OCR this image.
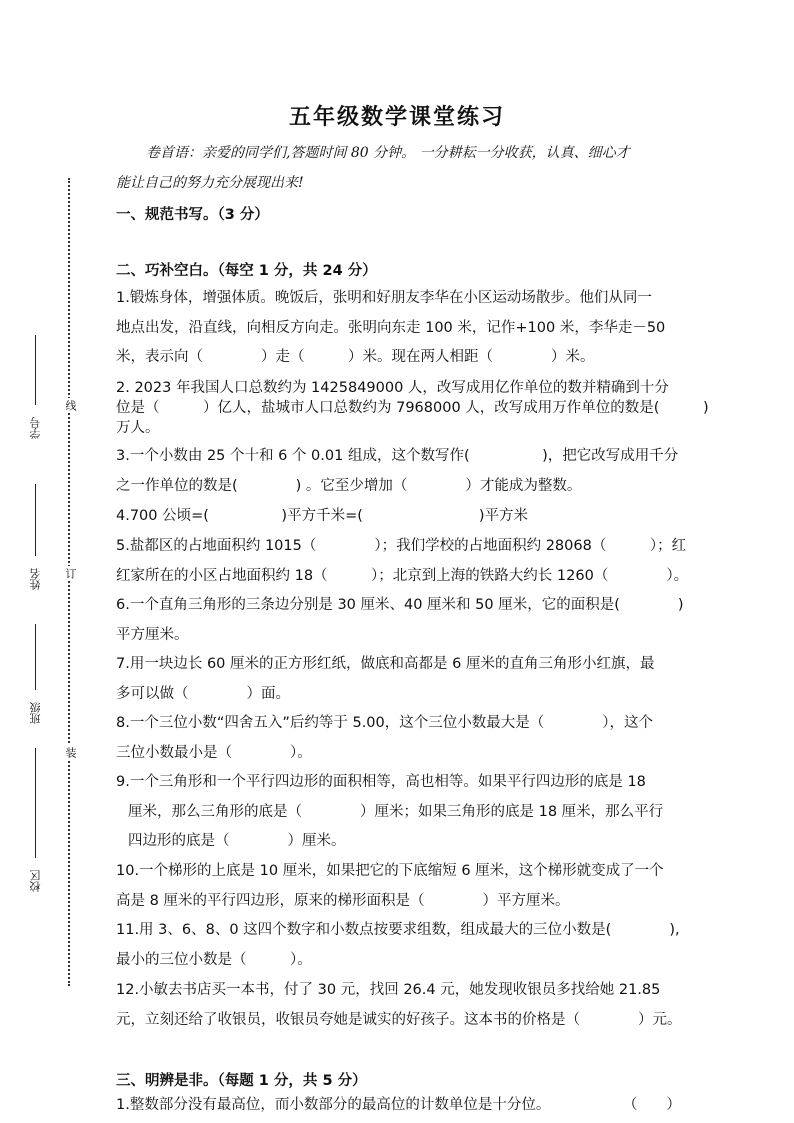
线
订
装
学号
姓名
班级
校区
五年级数学课堂练习
卷首语：亲爱的同学们,答题时间 80 分钟。 一分耕耘一分收获，认真、细心才
能让自己的努力充分展现出来!
一、规范书写。（3 分）
二、巧补空白。（每空 1 分，共 24 分）
1.锻炼身体，增强体质。晚饭后，张明和好朋友李华在小区运动场散步。他们从同一
地点出发，沿直线，向相反方向走。张明向东走 100 米，记作+100 米，李华走－50
米，表示向（　　　　）走（　　　）米。现在两人相距（　　　　）米。
2. 2023 年我国人口总数约为 1425849000 人，改写成用亿作单位的数并精确到十分
位是（　　　）亿人，盐城市人口总数约为 7968000 人，改写成用万作单位的数是(　　　)
万人。
3.一个小数由 25 个十和 6 个 0.01 组成，这个数写作(　　　　　)，把它改写成用千分
之一作单位的数是(　　　　) 。它至少增加（　　　　）才能成为整数。
4.700 公顷=(　　　　　)平方千米=(　　　　　　　　)平方米
5.盐都区的占地面积约 1015（　　　　）；我们学校的占地面积约 28068（　　　）；红
红家所在的小区占地面积约 18（　　　）；北京到上海的铁路大约长 1260（　　　　）。
6.一个直角三角形的三条边分别是 30 厘米、40 厘米和 50 厘米，它的面积是(　　　　)
平方厘米。
7.用一块边长 60 厘米的正方形红纸，做底和高都是 6 厘米的直角三角形小红旗，最
多可以做（　　　　）面。
8.一个三位小数“四舍五入”后约等于 5.00，这个三位小数最大是（　　　　），这个
三位小数最小是（　　　　）。
9.一个三角形和一个平行四边形的面积相等，高也相等。如果平行四边形的底是 18
厘米，那么三角形的底是（　　　　）厘米；如果三角形的底是 18 厘米，那么平行
四边形的底是（　　　　）厘米。
10.一个梯形的上底是 10 厘米，如果把它的下底缩短 6 厘米，这个梯形就变成了一个
高是 8 厘米的平行四边形，原来的梯形面积是（　　　　）平方厘米。
11.用 3、6、8、0 这四个数字和小数点按要求组数，组成最大的三位小数是(　　　　),
最小的三位小数是（　　　）。
12.小敏去书店买一本书，付了 30 元，找回 26.4 元，她发现收银员多找给她 21.85
元，立刻还给了收银员，收银员夸她是诚实的好孩子。这本书的价格是（　　　　）元。
三、明辨是非。（每题 1 分，共 5 分）
1.整数部分没有最高位，而小数部分的最高位的计数单位是十分位。　　　　　　（　　）
